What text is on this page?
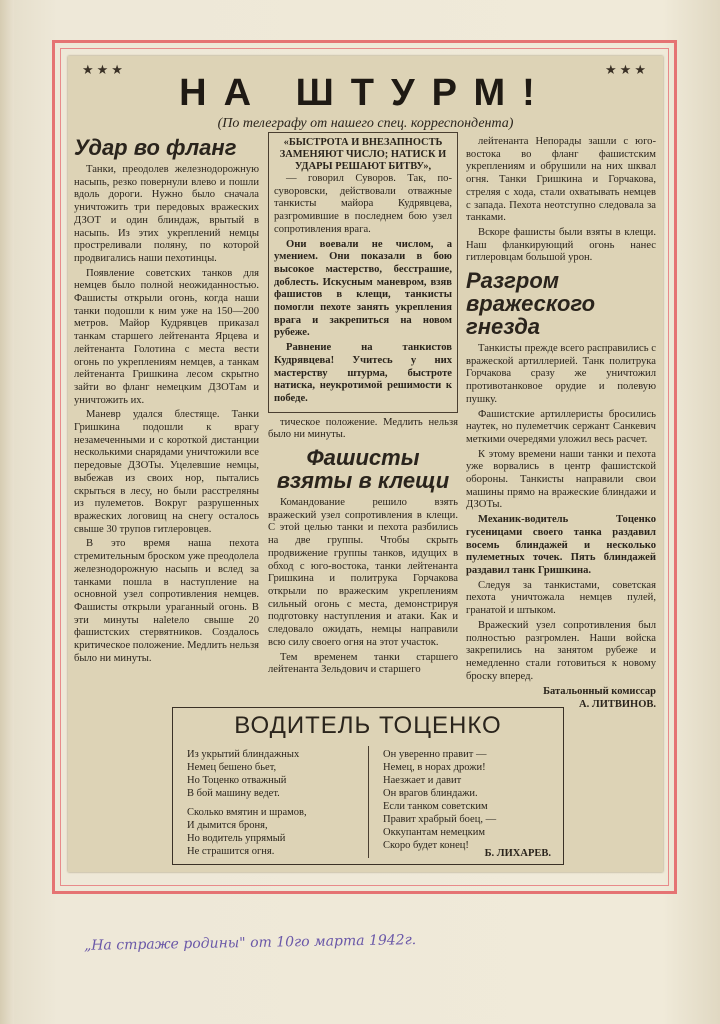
★★★	★★★
НА ШТУРМ!
(По телеграфу от нашего спец. корреспондента)
Удар во фланг

Танки, преодолев железнодорожную насыпь, резко повернули влево и пошли вдоль дороги. Нужно было сначала уничтожить три передовых вражеских ДЗОТ и один блиндаж, врытый в насыпь. Из этих укреплений немцы простреливали поляну, по которой продвигались наши пехотинцы.

Появление советских танков для немцев было полной неожиданностью. Фашисты открыли огонь, когда наши танки подошли к ним уже на 150—200 метров. Майор Кудрявцев приказал танкам старшего лейтенанта Ярцева и лейтенанта Голотина с места вести огонь по укреплениям немцев, а танкам лейтенанта Гришкина лесом скрытно зайти во фланг немецким ДЗОТам и уничтожить их.

Маневр удался блестяще. Танки Гришкина подошли к врагу незамеченными и с короткой дистанции несколькими снарядами уничтожили все передовые ДЗОТы. Уцелевшие немцы, выбежав из своих нор, пытались скрыться в лесу, но были расстреляны из пулеметов. Вокруг разрушенных вражеских логовищ на снегу осталось свыше 30 трупов гитлеровцев.

В это время наша пехота стремительным броском уже преодолела железнодорожную насыпь и вслед за танками пошла в наступление на основной узел сопротивления немцев. Фашисты открыли ураганный огонь. В эти минуты наletело свыше 20 фашистских стервятников. Создалось критическое положение. Медлить нельзя было ни минуты.

«БЫСТРОТА И ВНЕЗАПНОСТЬ ЗАМЕНЯЮТ ЧИСЛО; НАТИСК И УДАРЫ РЕШАЮТ БИТВУ»,

— говорил Суворов. Так, по-суворовски, действовали отважные танкисты майора Кудрявцева, разгромившие в последнем бою узел сопротивления врага.

Они воевали не числом, а умением. Они показали в бою высокое мастерство, бесстрашие, доблесть. Искусным маневром, взяв фашистов в клещи, танкисты помогли пехоте занять укрепления врага и закрепиться на новом рубеже.

Равнение на танкистов Кудрявцева! Учитесь у них мастерству штурма, быстроте натиска, неукротимой решимости к победе.

тическое положение. Медлить нельзя было ни минуты.

Фашисты взяты в клещи

Командование решило взять вражеский узел сопротивления в клещи. С этой целью танки и пехота разбились на две группы. Чтобы скрыть продвижение группы танков, идущих в обход с юго-востока, танки лейтенанта Гришкина и политрука Горчакова открыли по вражеским укреплениям сильный огонь с места, демонстрируя подготовку наступления и атаки. Как и следовало ожидать, немцы направили всю силу своего огня на этот участок.

Тем временем танки старшего лейтенанта Зельдович и старшего

лейтенанта Непорады зашли с юго-востока во фланг фашистским укреплениям и обрушили на них шквал огня. Танки Гришкина и Горчакова, стреляя с хода, стали охватывать немцев с запада. Пехота неотступно следовала за танками.

Вскоре фашисты были взяты в клещи. Наш фланкирующий огонь нанес гитлеровцам большой урон.

Разгром вражеского гнезда

Танкисты прежде всего расправились с вражеской артиллерией. Танк политрука Горчакова сразу же уничтожил противотанковое орудие и полевую пушку.

Фашистские артиллеристы бросились наутек, но пулеметчик сержант Санкевич меткими очередями уложил весь расчет.

К этому времени наши танки и пехота уже ворвались в центр фашистской обороны. Танкисты направили свои машины прямо на вражеские блиндажи и ДЗОТы.

Механик-водитель Тоценко гусеницами своего танка раздавил восемь блиндажей и несколько пулеметных точек. Пять блиндажей раздавил танк Гришкина.

Следуя за танкистами, советская пехота уничтожала немцев пулей, гранатой и штыком.

Вражеский узел сопротивления был полностью разгромлен. Наши войска закрепились на занятом рубеже и немедленно стали готовиться к новому броску вперед.

Батальонный комиссар
А. ЛИТВИНОВ.
ВОДИТЕЛЬ ТОЦЕНКО
Из укрытий блиндажных
Немец бешено бьет,
Но Тоценко отважный
В бой машину ведет.
Сколько вмятин и шрамов,
И дымится броня,
Но водитель упрямый
Не страшится огня.
Он уверенно правит —
Немец, в норах дрожи!
Наезжает и давит
Он врагов блиндажи.
Если танком советским
Правит храбрый боец, —
Оккупантам немецким
Скоро будет конец!
Б. ЛИХАРЕВ.
„На страже родины" от 10го марта 1942г.
